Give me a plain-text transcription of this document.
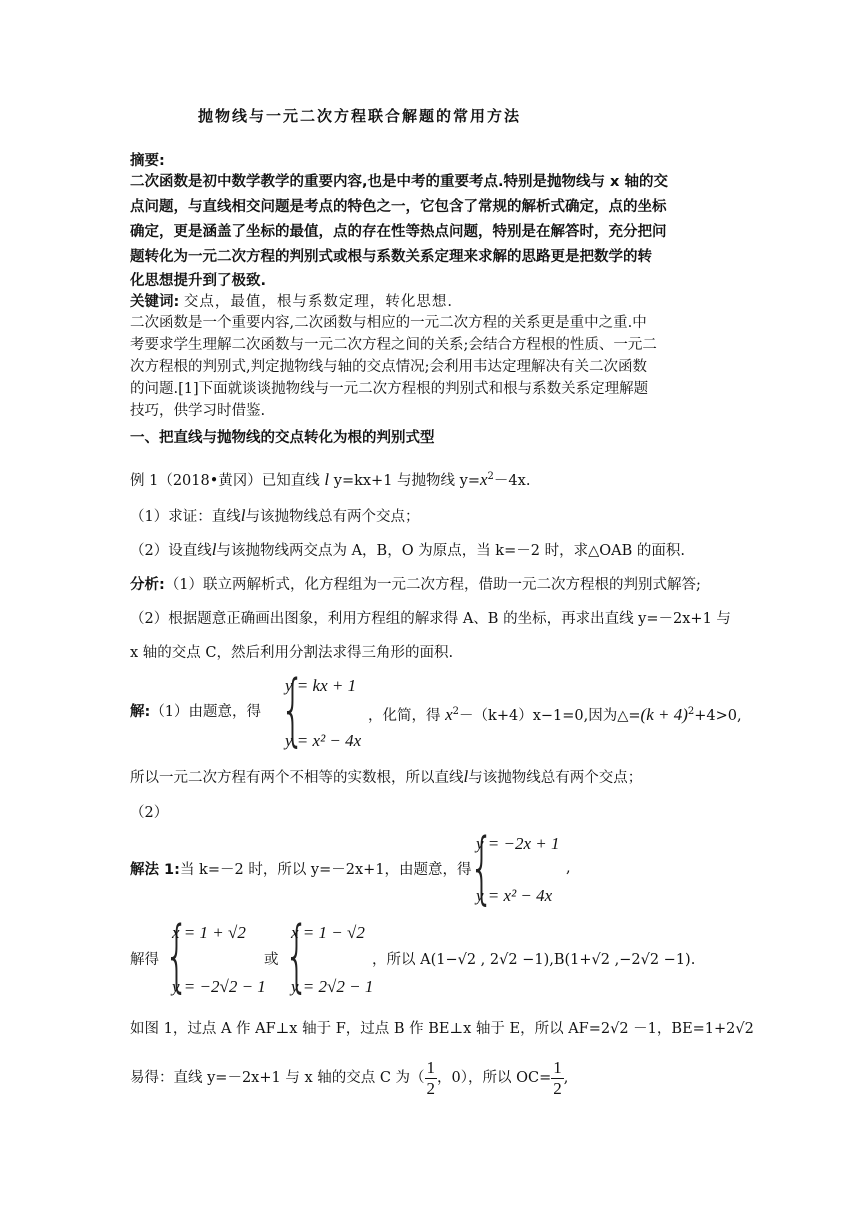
抛物线与一元二次方程联合解题的常用方法
摘要:
二次函数是初中数学教学的重要内容,也是中考的重要考点.特别是抛物线与 x 轴的交
点问题，与直线相交问题是考点的特色之一，它包含了常规的解析式确定，点的坐标
确定，更是涵盖了坐标的最值，点的存在性等热点问题，特别是在解答时，充分把问
题转化为一元二次方程的判别式或根与系数关系定理来求解的思路更是把数学的转
化思想提升到了极致.
关键词: 交点，最值，根与系数定理，转化思想.
二次函数是一个重要内容,二次函数与相应的一元二次方程的关系更是重中之重.中
考要求学生理解二次函数与一元二次方程之间的关系;会结合方程根的性质、一元二
次方程根的判别式,判定抛物线与轴的交点情况;会利用韦达定理解决有关二次函数
的问题.[1]下面就谈谈抛物线与一元二次方程根的判别式和根与系数关系定理解题
技巧，供学习时借鉴.
一、把直线与抛物线的交点转化为根的判别式型
例 1（2018•黄冈）已知直线 l y=kx+1 与抛物线 $y=x^2-4x$.
（1）求证：直线l与该抛物线总有两个交点；
（2）设直线l与该抛物线两交点为 A，B，O 为原点，当 k=－2 时，求△OAB 的面积.
分析:（1）联立两解析式，化方程组为一元二次方程，借助一元二次方程根的判别式解答;
（2）根据题意正确画出图象，利用方程组的解求得 A、B 的坐标，再求出直线 y=－2x+1 与
x 轴的交点 C，然后利用分割法求得三角形的面积.
解:（1）由题意，得 {
y = kx + 1
y = x² − 4x
，化简，得 $x^2-(k+4)x-1=0$,因为△=(k + 4)$^2$+4>0,
所以一元二次方程有两个不相等的实数根，所以直线l与该抛物线总有两个交点；
（2）
解法 1:当 k=－2 时，所以 y=－2x+1，由题意，得
{
y = −2x + 1
y = x² − 4x
,
解得 {
x = 1 + √2
y = −2√2 − 1
或 {
x = 1 − √2
y = 2√2 − 1
，所以 A(1−√2 , 2√2 −1),B(1+√2 ,−2√2 −1).
如图 1，过点 A 作 AF⊥x 轴于 F，过点 B 作 BE⊥x 轴于 E，所以 AF=2√2 －1，BE=1+2√2
易得：直线 y=－2x+1 与 x 轴的交点 C 为（ $\frac{1}{2}$ ，0），所以 $OC= \frac{1}{2}$ ,
